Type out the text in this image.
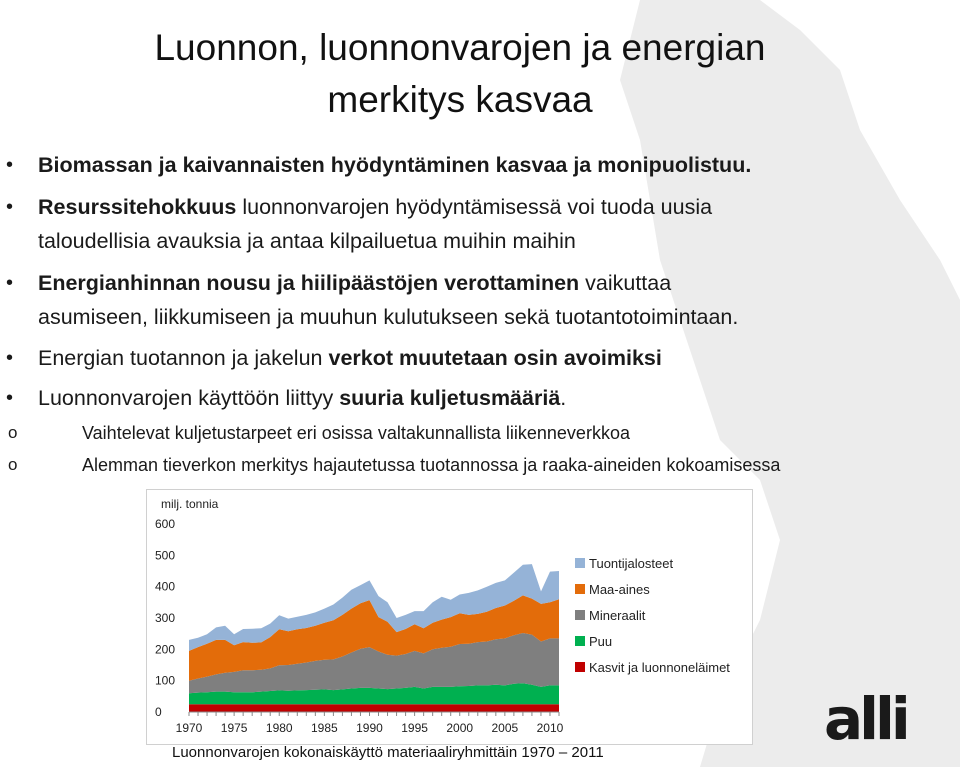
Luonnon, luonnonvarojen ja energian
merkitys kasvaa
• Biomassan ja kaivannaisten hyödyntäminen kasvaa ja monipuolistuu.
• Resurssitehokkuus luonnonvarojen hyödyntämisessä voi tuoda uusia
taloudellisia avauksia ja antaa kilpailuetua muihin maihin
• Energianhinnan nousu ja hiilipäästöjen verottaminen vaikuttaa
asumiseen, liikkumiseen ja muuhun kulutukseen sekä tuotantotoimintaan.
• Energian tuotannon ja jakelun verkot muutetaan osin avoimiksi
• Luonnonvarojen käyttöön liittyy suuria kuljetusmääriä.
o	Vaihtelevat kuljetustarpeet eri osissa valtakunnallista liikenneverkkoa
o	Alemman tieverkon merkitys hajautetussa tuotannossa ja raaka-aineiden kokoamisessa
milj. tonnia
0
100
200
300
400
500
600
1970 1975 1980 1985 1990 1995 2000 2005 2010
Tuontijalosteet
Maa-aines
Mineraalit
Puu
Kasvit ja luonnoneläimet
Luonnonvarojen kokonaiskäyttö materiaaliryhmittäin 1970 – 2011	alli
